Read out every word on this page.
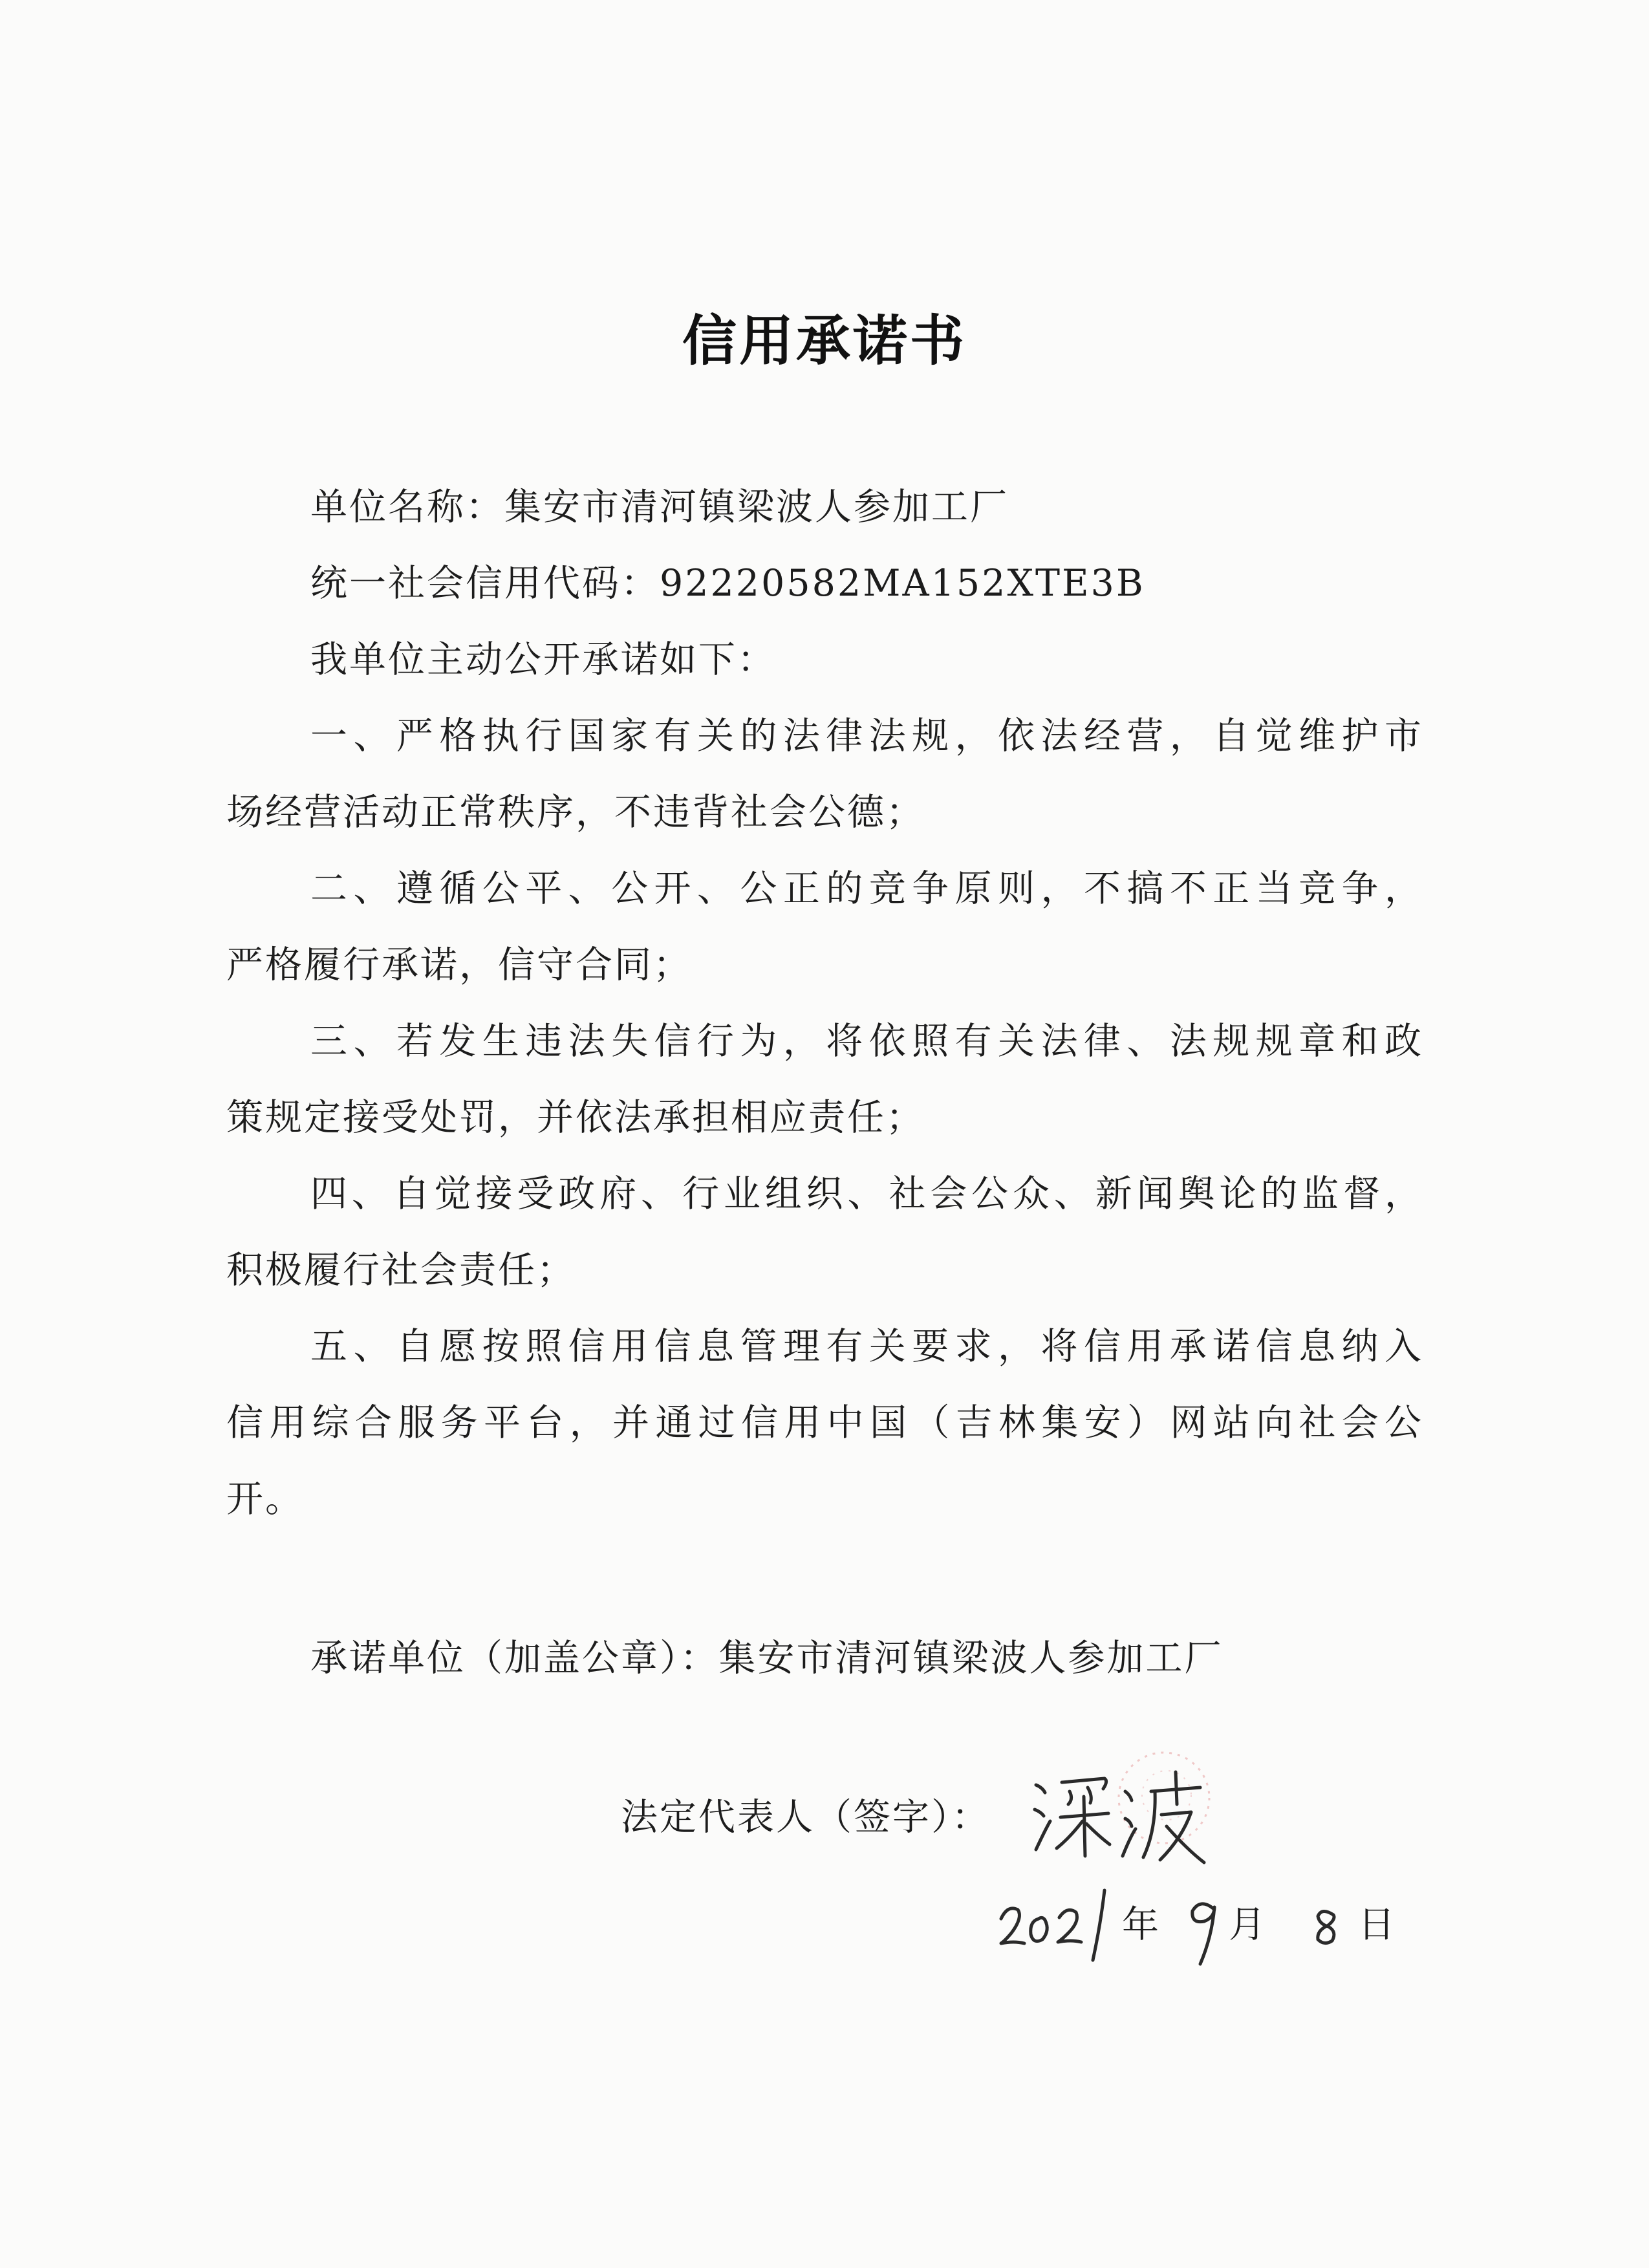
信用承诺书
单位名称：集安市清河镇梁波人参加工厂
统一社会信用代码：92220582MA152XTE3B
我单位主动公开承诺如下：
一、严格执行国家有关的法律法规，依法经营，自觉维护市
场经营活动正常秩序，不违背社会公德；
二、遵循公平、公开、公正的竞争原则，不搞不正当竞争，
严格履行承诺，信守合同；
三、若发生违法失信行为，将依照有关法律、法规规章和政
策规定接受处罚，并依法承担相应责任；
四、自觉接受政府、行业组织、社会公众、新闻舆论的监督，
积极履行社会责任；
五、自愿按照信用信息管理有关要求，将信用承诺信息纳入
信用综合服务平台，并通过信用中国（吉林集安）网站向社会公
开。
承诺单位（加盖公章）：集安市清河镇梁波人参加工厂
法定代表人（签字）：
年 月	日
